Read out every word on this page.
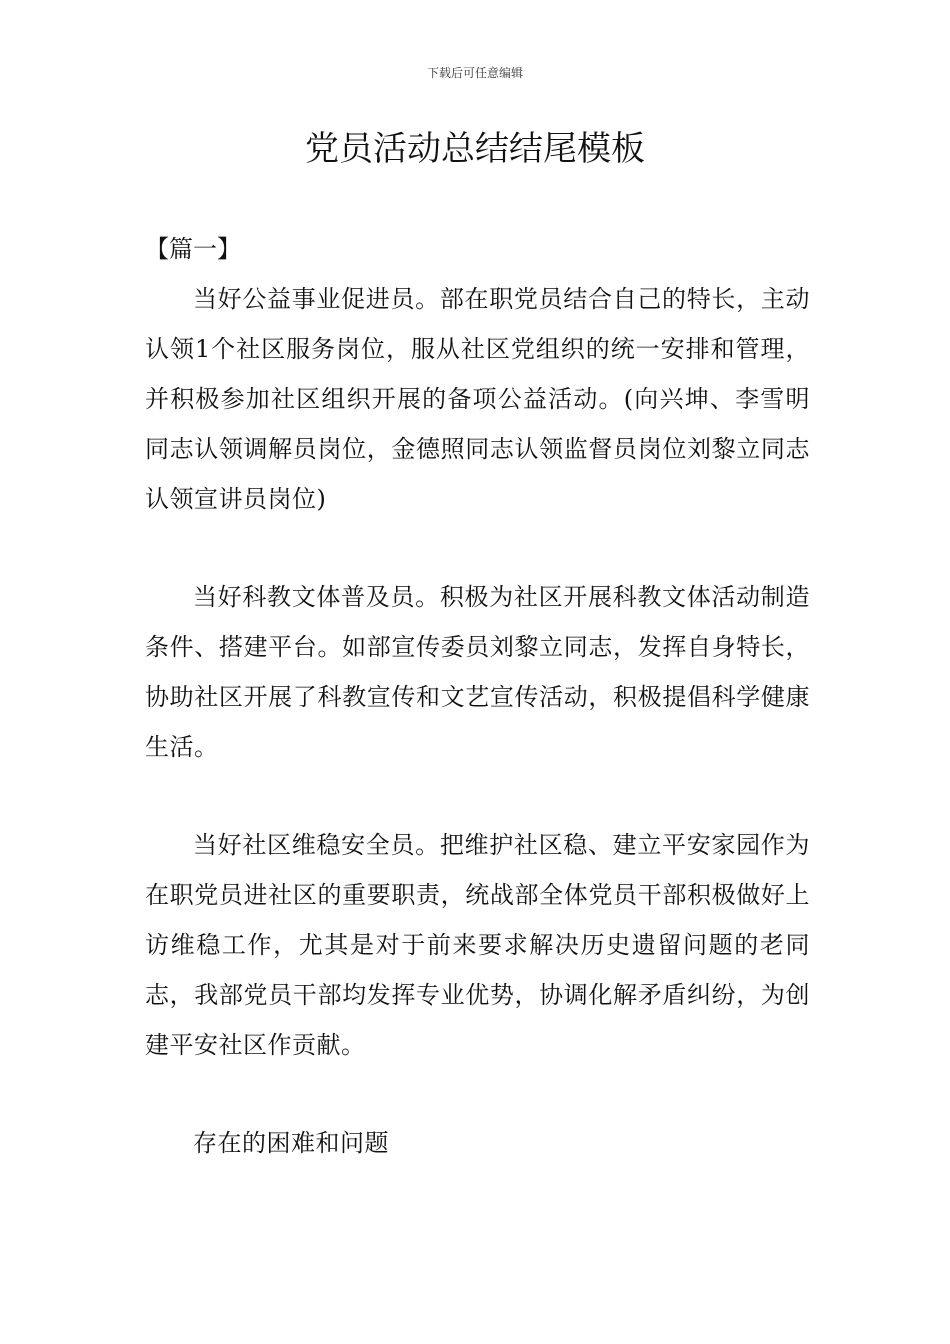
下载后可任意编辑
党员活动总结结尾模板

【篇一】

当好公益事业促进员。部在职党员结合自己的特长，主动认领1个社区服务岗位，服从社区党组织的统一安排和管理，并积极参加社区组织开展的备项公益活动。(向兴坤、李雪明同志认领调解员岗位，金德照同志认领监督员岗位刘黎立同志认领宣讲员岗位)

当好科教文体普及员。积极为社区开展科教文体活动制造条件、搭建平台。如部宣传委员刘黎立同志，发挥自身特长，协助社区开展了科教宣传和文艺宣传活动，积极提倡科学健康生活。

当好社区维稳安全员。把维护社区稳、建立平安家园作为在职党员进社区的重要职责，统战部全体党员干部积极做好上访维稳工作，尤其是对于前来要求解决历史遗留问题的老同志，我部党员干部均发挥专业优势，协调化解矛盾纠纷，为创建平安社区作贡献。

存在的困难和问题
